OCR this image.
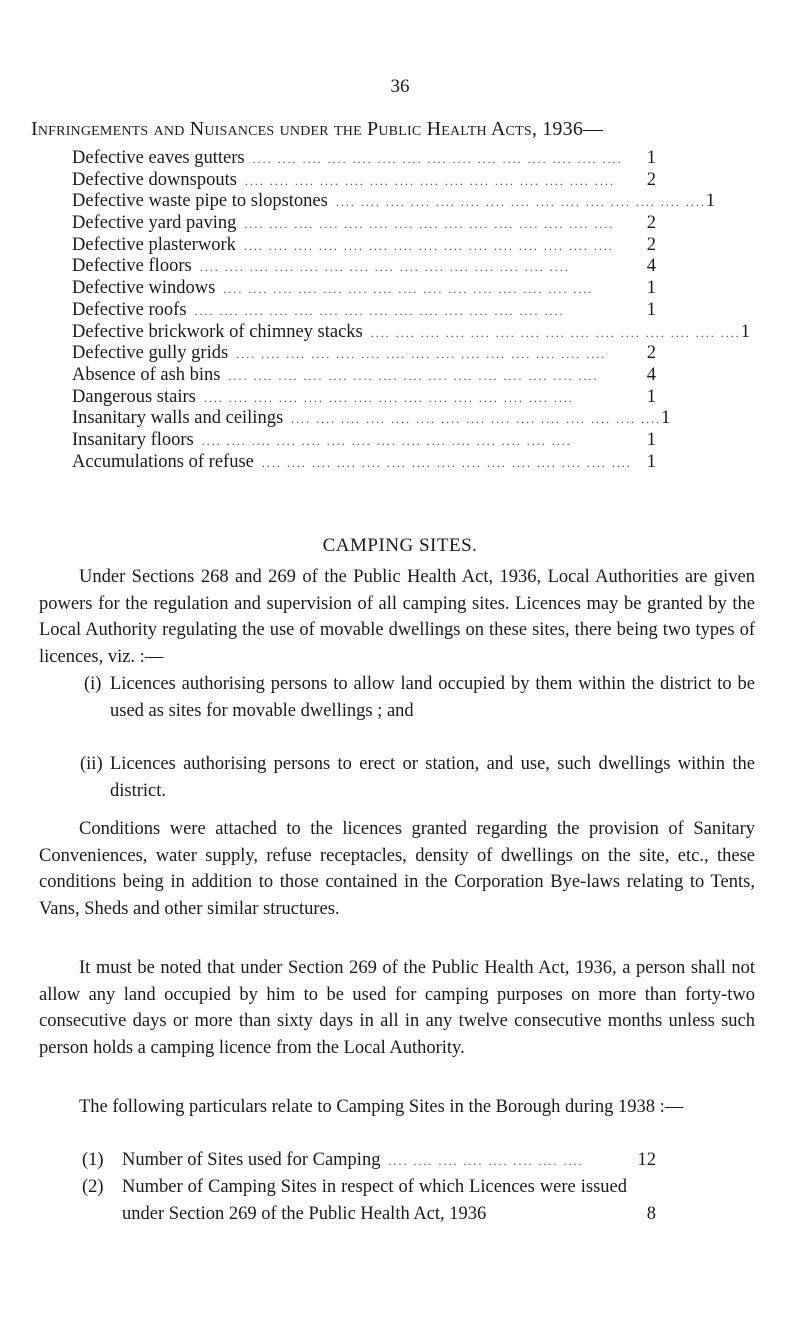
36
Infringements and Nuisances under the Public Health Acts, 1936—
Defective eaves gutters .... .... .... .... .... .... .... .... .... .... .... .... .... .... ....	1
Defective downspouts .... .... .... .... .... .... .... .... .... .... .... .... .... .... ....	2
Defective waste pipe to slopstones .... .... .... .... .... .... .... .... .... .... .... .... .... .... .... 1
Defective yard paving .... .... .... .... .... .... .... .... .... .... .... .... .... .... ....	2
Defective plasterwork .... .... .... .... .... .... .... .... .... .... .... .... .... .... ....	2
Defective floors .... .... .... .... .... .... .... .... .... .... .... .... .... .... ....	4
Defective windows .... .... .... .... .... .... .... .... .... .... .... .... .... .... ....	1
Defective roofs .... .... .... .... .... .... .... .... .... .... .... .... .... .... ....	1
Defective brickwork of chimney stacks .... .... .... .... .... .... .... .... .... .... .... .... .... .... .... 1
Defective gully grids .... .... .... .... .... .... .... .... .... .... .... .... .... .... ....	2
Absence of ash bins .... .... .... .... .... .... .... .... .... .... .... .... .... .... ....	4
Dangerous stairs .... .... .... .... .... .... .... .... .... .... .... .... .... .... ....	1
Insanitary walls and ceilings .... .... .... .... .... .... .... .... .... .... .... .... .... .... .... 1
Insanitary floors .... .... .... .... .... .... .... .... .... .... .... .... .... .... ....	1
Accumulations of refuse .... .... .... .... .... .... .... .... .... .... .... .... .... .... .... 1
CAMPING SITES.

Under Sections 268 and 269 of the Public Health Act, 1936, Local Authorities are given powers for the regulation and supervision of all camping sites. Licences may be granted by the Local Authority regulating the use of movable dwellings on these sites, there being two types of licences, viz. :—

(i) Licences authorising persons to allow land occupied by them within the district to be used as sites for movable dwellings ; and
(ii) Licences authorising persons to erect or station, and use, such dwellings within the district.

Conditions were attached to the licences granted regarding the provision of Sanitary Conveniences, water supply, refuse receptacles, density of dwellings on the site, etc., these conditions being in addition to those contained in the Corporation Bye-laws relating to Tents, Vans, Sheds and other similar structures.

It must be noted that under Section 269 of the Public Health Act, 1936, a person shall not allow any land occupied by him to be used for camping purposes on more than forty-two consecutive days or more than sixty days in all in any twelve consecutive months unless such person holds a camping licence from the Local Authority.

The following particulars relate to Camping Sites in the Borough during 1938 :—

(1) Number of Sites used for Camping .... .... .... .... .... .... .... ....	12
(2) Number of Camping Sites in respect of which Licences were issued under Section 269 of the Public Health Act, 1936	8
